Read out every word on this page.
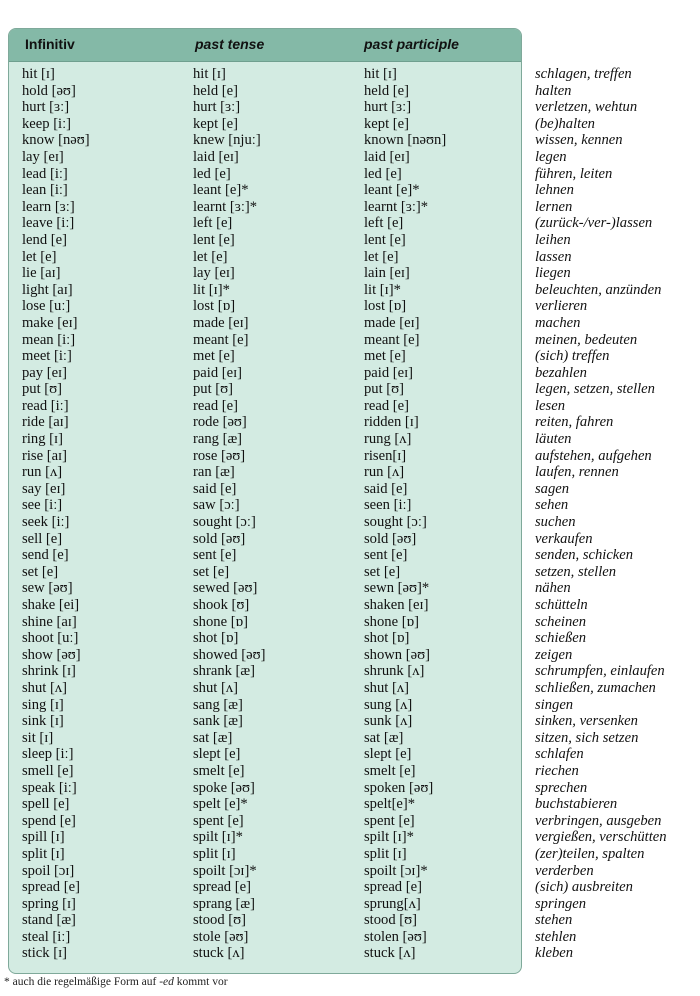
Infinitiv	past tense	past participle
hit [ɪ]	hit [ɪ]	hit [ɪ]	schlagen, treffen
hold [əʊ]	held [e]	held [e]	halten
hurt [ɜː]	hurt [ɜː]	hurt [ɜː]	verletzen, wehtun
keep [iː]	kept [e]	kept [e]	(be)halten
know [nəʊ]	knew [njuː]	known [nəʊn]	wissen, kennen
lay [eɪ]	laid [eɪ]	laid [eɪ]	legen
lead [iː]	led [e]	led [e]	führen, leiten
lean [iː]	leant [e]*	leant [e]*	lehnen
learn [ɜː]	learnt [ɜː]*	learnt [ɜː]*	lernen
leave [iː]	left [e]	left [e]	(zurück-/ver-)lassen
lend [e]	lent [e]	lent [e]	leihen
let [e]	let [e]	let [e]	lassen
lie [aɪ]	lay [eɪ]	lain [eɪ]	liegen
light [aɪ]	lit [ɪ]*	lit [ɪ]*	beleuchten, anzünden
lose [uː]	lost [ɒ]	lost [ɒ]	verlieren
make [eɪ]	made [eɪ]	made [eɪ]	machen
mean [iː]	meant [e]	meant [e]	meinen, bedeuten
meet [iː]	met [e]	met [e]	(sich) treffen
pay [eɪ]	paid [eɪ]	paid [eɪ]	bezahlen
put [ʊ]	put [ʊ]	put [ʊ]	legen, setzen, stellen
read [iː]	read [e]	read [e]	lesen
ride [aɪ]	rode [əʊ]	ridden [ɪ]	reiten, fahren
ring [ɪ]	rang [æ]	rung [ʌ]	läuten
rise [aɪ]	rose [əʊ]	risen[ɪ]	aufstehen, aufgehen
run [ʌ]	ran [æ]	run [ʌ]	laufen, rennen
say [eɪ]	said [e]	said [e]	sagen
see [iː]	saw [ɔː]	seen [iː]	sehen
seek [iː]	sought [ɔː]	sought [ɔː]	suchen
sell [e]	sold [əʊ]	sold [əʊ]	verkaufen
send [e]	sent [e]	sent [e]	senden, schicken
set [e]	set [e]	set [e]	setzen, stellen
sew [əʊ]	sewed [əʊ]	sewn [əʊ]*	nähen
shake [ei]	shook [ʊ]	shaken [eɪ]	schütteln
shine [aɪ]	shone [ɒ]	shone [ɒ]	scheinen
shoot [uː]	shot [ɒ]	shot [ɒ]	schießen
show [əʊ]	showed [əʊ]	shown [əʊ]	zeigen
shrink [ɪ]	shrank [æ]	shrunk [ʌ]	schrumpfen, einlaufen
shut [ʌ]	shut [ʌ]	shut [ʌ]	schließen, zumachen
sing [ɪ]	sang [æ]	sung [ʌ]	singen
sink [ɪ]	sank [æ]	sunk [ʌ]	sinken, versenken
sit [ɪ]	sat [æ]	sat [æ]	sitzen, sich setzen
sleep [iː]	slept [e]	slept [e]	schlafen
smell [e]	smelt [e]	smelt [e]	riechen
speak [iː]	spoke [əʊ]	spoken [əʊ]	sprechen
spell [e]	spelt [e]*	spelt[e]*	buchstabieren
spend [e]	spent [e]	spent [e]	verbringen, ausgeben
spill [ɪ]	spilt [ɪ]*	spilt [ɪ]*	vergießen, verschütten
split [ɪ]	split [ɪ]	split [ɪ]	(zer)teilen, spalten
spoil [ɔɪ]	spoilt [ɔɪ]*	spoilt [ɔɪ]*	verderben
spread [e]	spread [e]	spread [e]	(sich) ausbreiten
spring [ɪ]	sprang [æ]	sprung[ʌ]	springen
stand [æ]	stood [ʊ]	stood [ʊ]	stehen
steal [iː]	stole [əʊ]	stolen [əʊ]	stehlen
stick [ɪ]	stuck [ʌ]	stuck [ʌ]	kleben
* auch die regelmäßige Form auf -ed kommt vor
